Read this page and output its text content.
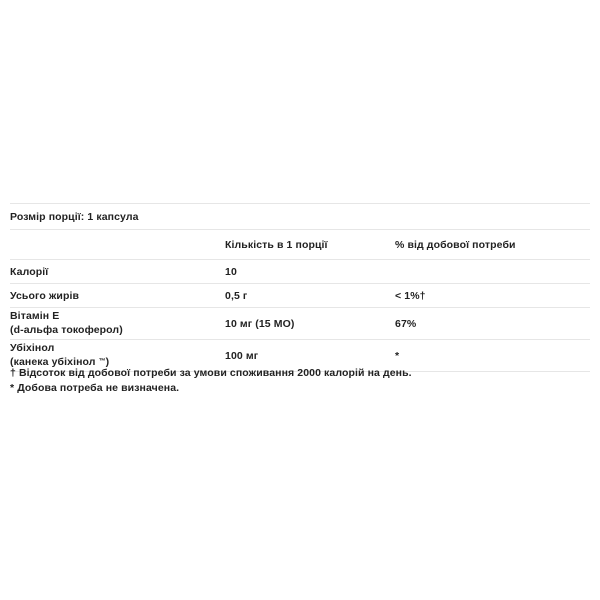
Розмір порції: 1 капсула		
	Кількість в 1 порції	% від добової потреби
Калорії	10	
Усього жирів	0,5 г	< 1%†

Вітамін Е
(d-альфа токоферол)	10 мг (15 МО)	67%

Убіхінол
(канека убіхінол ™)	100 мг	*
† Відсоток від добової потреби за умови споживання 2000 калорій на день.
* Добова потреба не визначена.
